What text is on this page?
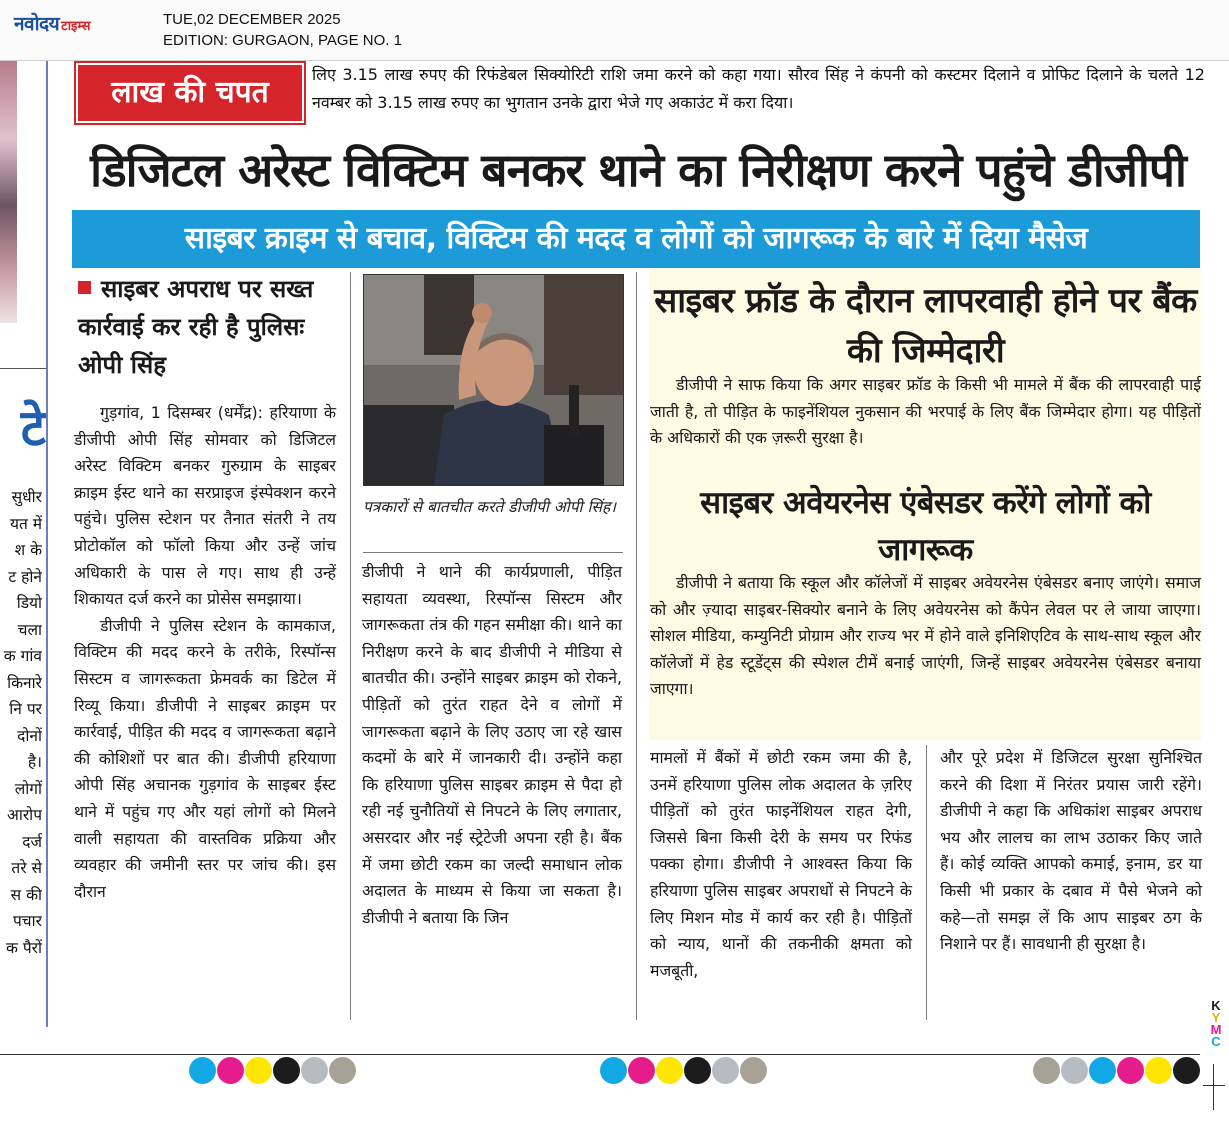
नवोदय टाइम्स	TUE,02 DECEMBER 2025
EDITION: GURGAON, PAGE NO. 1
टे
सुधीर
यत में
श के
ट होने
डियो
चला
क गांव
किनारे
नि पर
दोनों
है।
लोगों
आरोप
दर्ज
तरे से
स की
पचार
क पैरों
लाख की चपत
लिए 3.15 लाख रुपए की रिफंडेबल सिक्योरिटी राशि जमा करने को कहा गया। सौरव सिंह ने कंपनी को कस्टमर दिलाने व प्रोफिट दिलाने के चलते 12 नवम्बर को 3.15 लाख रुपए का भुगतान उनके द्वारा भेजे गए अकाउंट में करा दिया।
डिजिटल अरेस्ट विक्टिम बनकर थाने का निरीक्षण करने पहुंचे डीजीपी
साइबर क्राइम से बचाव, विक्टिम की मदद व लोगों को जागरूक के बारे में दिया मैसेज
साइबर अपराध पर सख्त कार्रवाई कर रही है पुलिसः ओपी सिंह

गुड़गांव, 1 दिसम्बर (धर्मेंद्र): हरियाणा के डीजीपी ओपी सिंह सोमवार को डिजिटल अरेस्ट विक्टिम बनकर गुरुग्राम के साइबर क्राइम ईस्ट थाने का सरप्राइज इंस्पेक्शन करने पहुंचे। पुलिस स्टेशन पर तैनात संतरी ने तय प्रोटोकॉल को फॉलो किया और उन्हें जांच अधिकारी के पास ले गए। साथ ही उन्हें शिकायत दर्ज करने का प्रोसेस समझाया।

डीजीपी ने पुलिस स्टेशन के कामकाज, विक्टिम की मदद करने के तरीके, रिस्पॉन्स सिस्टम व जागरूकता फ्रेमवर्क का डिटेल में रिव्यू किया। डीजीपी ने साइबर क्राइम पर कार्रवाई, पीड़ित की मदद व जागरूकता बढ़ाने की कोशिशों पर बात की। डीजीपी हरियाणा ओपी सिंह अचानक गुड़गांव के साइबर ईस्ट थाने में पहुंच गए और यहां लोगों को मिलने वाली सहायता की वास्तविक प्रक्रिया और व्यवहार की जमीनी स्तर पर जांच की। इस दौरान

पत्रकारों से बातचीत करते डीजीपी ओपी सिंह।

डीजीपी ने थाने की कार्यप्रणाली, पीड़ित सहायता व्यवस्था, रिस्पॉन्स सिस्टम और जागरूकता तंत्र की गहन समीक्षा की। थाने का निरीक्षण करने के बाद डीजीपी ने मीडिया से बातचीत की। उन्होंने साइबर क्राइम को रोकने, पीड़ितों को तुरंत राहत देने व लोगों में जागरूकता बढ़ाने के लिए उठाए जा रहे खास कदमों के बारे में जानकारी दी। उन्होंने कहा कि हरियाणा पुलिस साइबर क्राइम से पैदा हो रही नई चुनौतियों से निपटने के लिए लगातार, असरदार और नई स्ट्रेटेजी अपना रही है। बैंक में जमा छोटी रकम का जल्दी समाधान लोक अदालत के माध्यम से किया जा सकता है। डीजीपी ने बताया कि जिन

साइबर फ्रॉड के दौरान लापरवाही होने पर बैंक की जिम्मेदारी

डीजीपी ने साफ किया कि अगर साइबर फ्रॉड के किसी भी मामले में बैंक की लापरवाही पाई जाती है, तो पीड़ित के फाइनेंशियल नुकसान की भरपाई के लिए बैंक जिम्मेदार होगा। यह पीड़ितों के अधिकारों की एक ज़रूरी सुरक्षा है।

साइबर अवेयरनेस एंबेसडर करेंगे लोगों को जागरूक

डीजीपी ने बताया कि स्कूल और कॉलेजों में साइबर अवेयरनेस एंबेसडर बनाए जाएंगे। समाज को और ज़्यादा साइबर-सिक्योर बनाने के लिए अवेयरनेस को कैंपेन लेवल पर ले जाया जाएगा। सोशल मीडिया, कम्युनिटी प्रोग्राम और राज्य भर में होने वाले इनिशिएटिव के साथ-साथ स्कूल और कॉलेजों में हेड स्टूडेंट्स की स्पेशल टीमें बनाई जाएंगी, जिन्हें साइबर अवेयरनेस एंबेसडर बनाया जाएगा।

मामलों में बैंकों में छोटी रकम जमा की है, उनमें हरियाणा पुलिस लोक अदालत के ज़रिए पीड़ितों को तुरंत फाइनेंशियल राहत देगी, जिससे बिना किसी देरी के समय पर रिफंड पक्का होगा। डीजीपी ने आश्वस्त किया कि हरियाणा पुलिस साइबर अपराधों से निपटने के लिए मिशन मोड में कार्य कर रही है। पीड़ितों को न्याय, थानों की तकनीकी क्षमता को मजबूती,

और पूरे प्रदेश में डिजिटल सुरक्षा सुनिश्चित करने की दिशा में निरंतर प्रयास जारी रहेंगे। डीजीपी ने कहा कि अधिकांश साइबर अपराध भय और लालच का लाभ उठाकर किए जाते हैं। कोई व्यक्ति आपको कमाई, इनाम, डर या किसी भी प्रकार के दबाव में पैसे भेजने को कहे—तो समझ लें कि आप साइबर ठग के निशाने पर हैं। सावधानी ही सुरक्षा है।

K
Y
M
C
